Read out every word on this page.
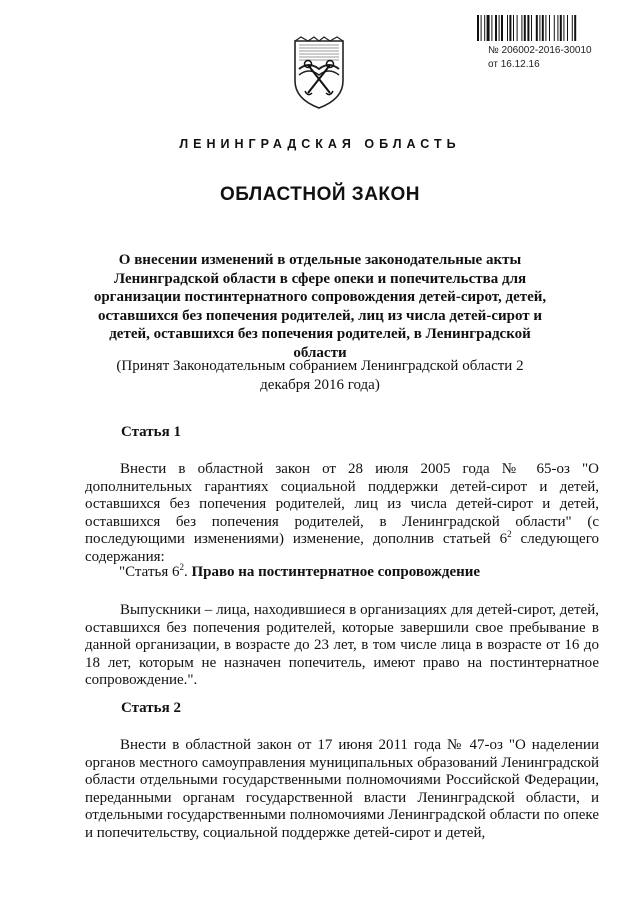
№ 206002-2016-30010
от 16.12.16
ЛЕНИНГРАДСКАЯ ОБЛАСТЬ
ОБЛАСТНОЙ ЗАКОН
О внесении изменений в отдельные законодательные акты Ленинградской области в сфере опеки и попечительства для организации постинтернатного сопровождения детей-сирот, детей, оставшихся без попечения родителей, лиц из числа детей-сирот и детей, оставшихся без попечения родителей, в Ленинградской области
(Принят Законодательным собранием Ленинградской области 2 декабря 2016 года)
Статья 1
Внести в областной закон от 28 июля 2005 года № 65-оз "О дополнительных гарантиях социальной поддержки детей-сирот и детей, оставшихся без попечения родителей, лиц из числа детей-сирот и детей, оставшихся без попечения родителей, в Ленинградской области" (с последующими изменениями) изменение, дополнив статьей $6^2$ следующего содержания:
"Статья $6^2$. Право на постинтернатное сопровождение
Выпускники – лица, находившиеся в организациях для детей-сирот, детей, оставшихся без попечения родителей, которые завершили свое пребывание в данной организации, в возрасте до 23 лет, в том числе лица в возрасте от 16 до 18 лет, которым не назначен попечитель, имеют право на постинтернатное сопровождение.".
Статья 2
Внести в областной закон от 17 июня 2011 года № 47-оз "О наделении органов местного самоуправления муниципальных образований Ленинградской области отдельными государственными полномочиями Российской Федерации, переданными органам государственной власти Ленинградской области, и отдельными государственными полномочиями Ленинградской области по опеке и попечительству, социальной поддержке детей-сирот и детей,
